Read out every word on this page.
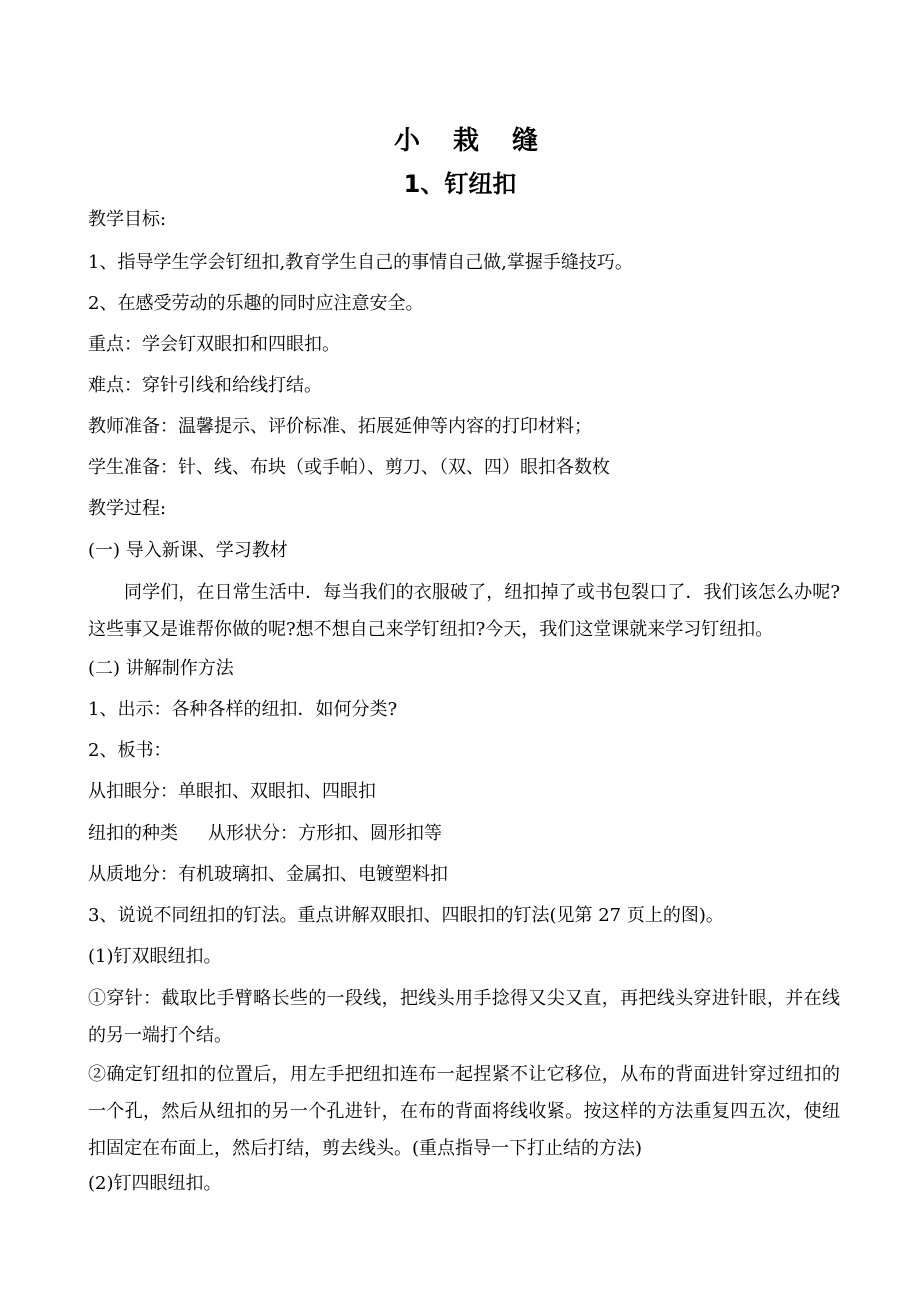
小 栽 缝
1、钉纽扣
教学目标:
1、指导学生学会钉纽扣,教育学生自己的事情自己做,掌握手缝技巧。
2、在感受劳动的乐趣的同时应注意安全。
重点：学会钉双眼扣和四眼扣。
难点：穿针引线和给线打结。
教师准备：温馨提示、评价标准、拓展延伸等内容的打印材料；
学生准备：针、线、布块（或手帕）、剪刀、（双、四）眼扣各数枚
教学过程:
(一) 导入新课、学习教材
同学们，在日常生活中．每当我们的衣服破了，纽扣掉了或书包裂口了．我们该怎么办呢?这些事又是谁帮你做的呢?想不想自己来学钉纽扣?今天，我们这堂课就来学习钉纽扣。
(二) 讲解制作方法
1、出示：各种各样的纽扣．如何分类?
2、板书：
从扣眼分：单眼扣、双眼扣、四眼扣
纽扣的种类 从形状分：方形扣、圆形扣等
从质地分：有机玻璃扣、金属扣、电镀塑料扣
3、说说不同纽扣的钉法。重点讲解双眼扣、四眼扣的钉法(见第 27 页上的图)。
(1)钉双眼纽扣。
①穿针：截取比手臂略长些的一段线，把线头用手捻得又尖又直，再把线头穿进针眼，并在线的另一端打个结。
②确定钉纽扣的位置后，用左手把纽扣连布一起捏紧不让它移位，从布的背面进针穿过纽扣的一个孔，然后从纽扣的另一个孔进针，在布的背面将线收紧。按这样的方法重复四五次，使纽扣固定在布面上，然后打结，剪去线头。(重点指导一下打止结的方法)
(2)钉四眼纽扣。
